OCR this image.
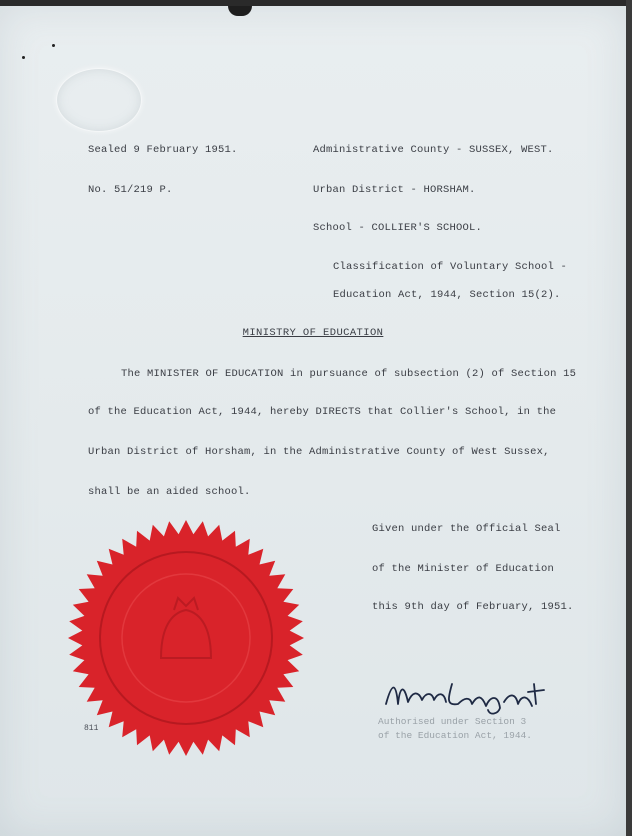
Sealed 9 February 1951.
No. 51/219 P.
Administrative County - SUSSEX, WEST.
Urban District - HORSHAM.
School - COLLIER'S SCHOOL.
Classification of Voluntary School -
Education Act, 1944, Section 15(2).
MINISTRY OF EDUCATION
The MINISTER OF EDUCATION in pursuance of subsection (2) of Section 15
of the Education Act, 1944, hereby DIRECTS that Collier's School, in the
Urban District of Horsham, in the Administrative County of West Sussex,
shall be an aided school.
Given under the Official Seal
of the Minister of Education
this 9th day of February, 1951.
Authorised under Section 3
of the Education Act, 1944.
811
